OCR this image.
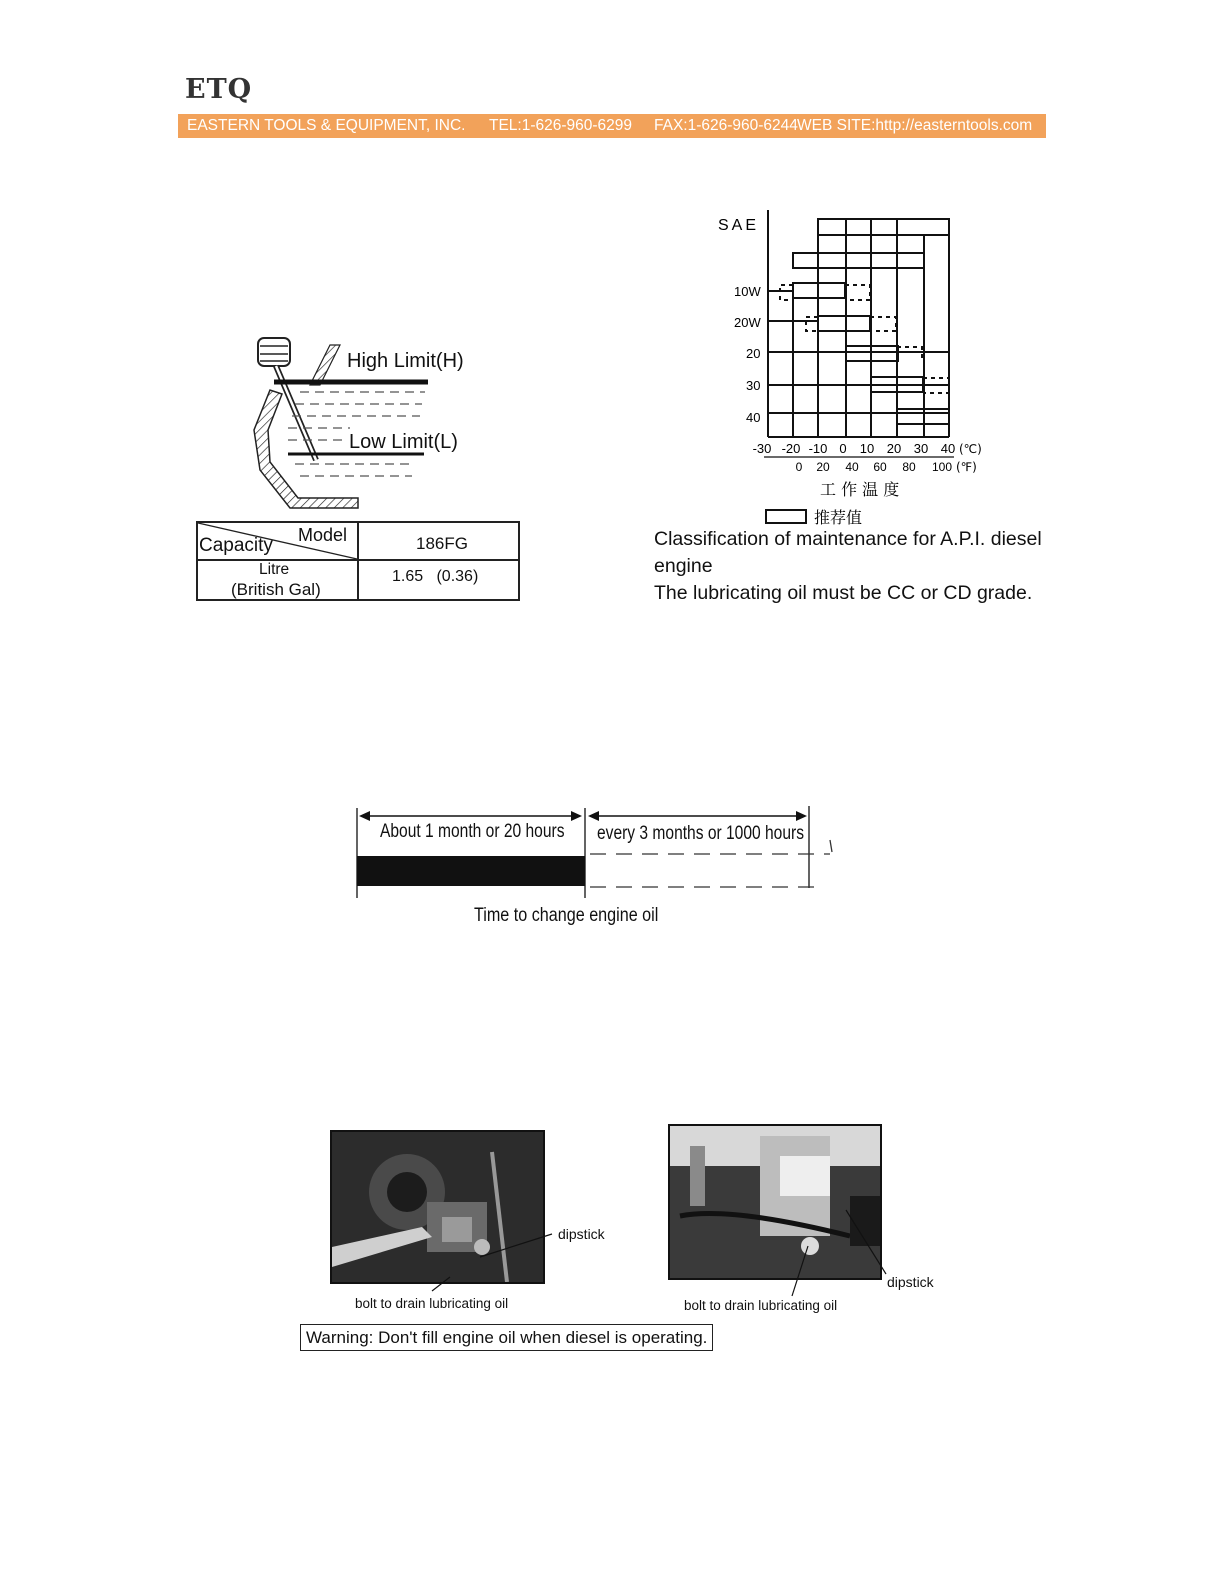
ETQ
EASTERN TOOLS & EQUIPMENT, INC. TEL:1-626-960-6299 FAX:1-626-960-6244 WEB SITE:http://easterntools.com
High Limit(H)
Low Limit(L)
Model
Capacity	186FG
Litre
(British Gal)
1.65   (0.36)
SAE
10W
20W
20
30
40
-30 -20 -10 0 10 20 30 40 (℃)
0 20 40 60 80 100 (℉)
工 作 温 度
推荐值
Classification of maintenance for A.P.I. diesel engine
The lubricating oil must be CC or CD grade.
About 1 month or 20 hours every 3 months or 1000 hours
Time to change engine oil
dipstick
bolt to drain lubricating oil
dipstick
bolt to drain lubricating oil
Warning: Don't fill engine oil when diesel is operating.
